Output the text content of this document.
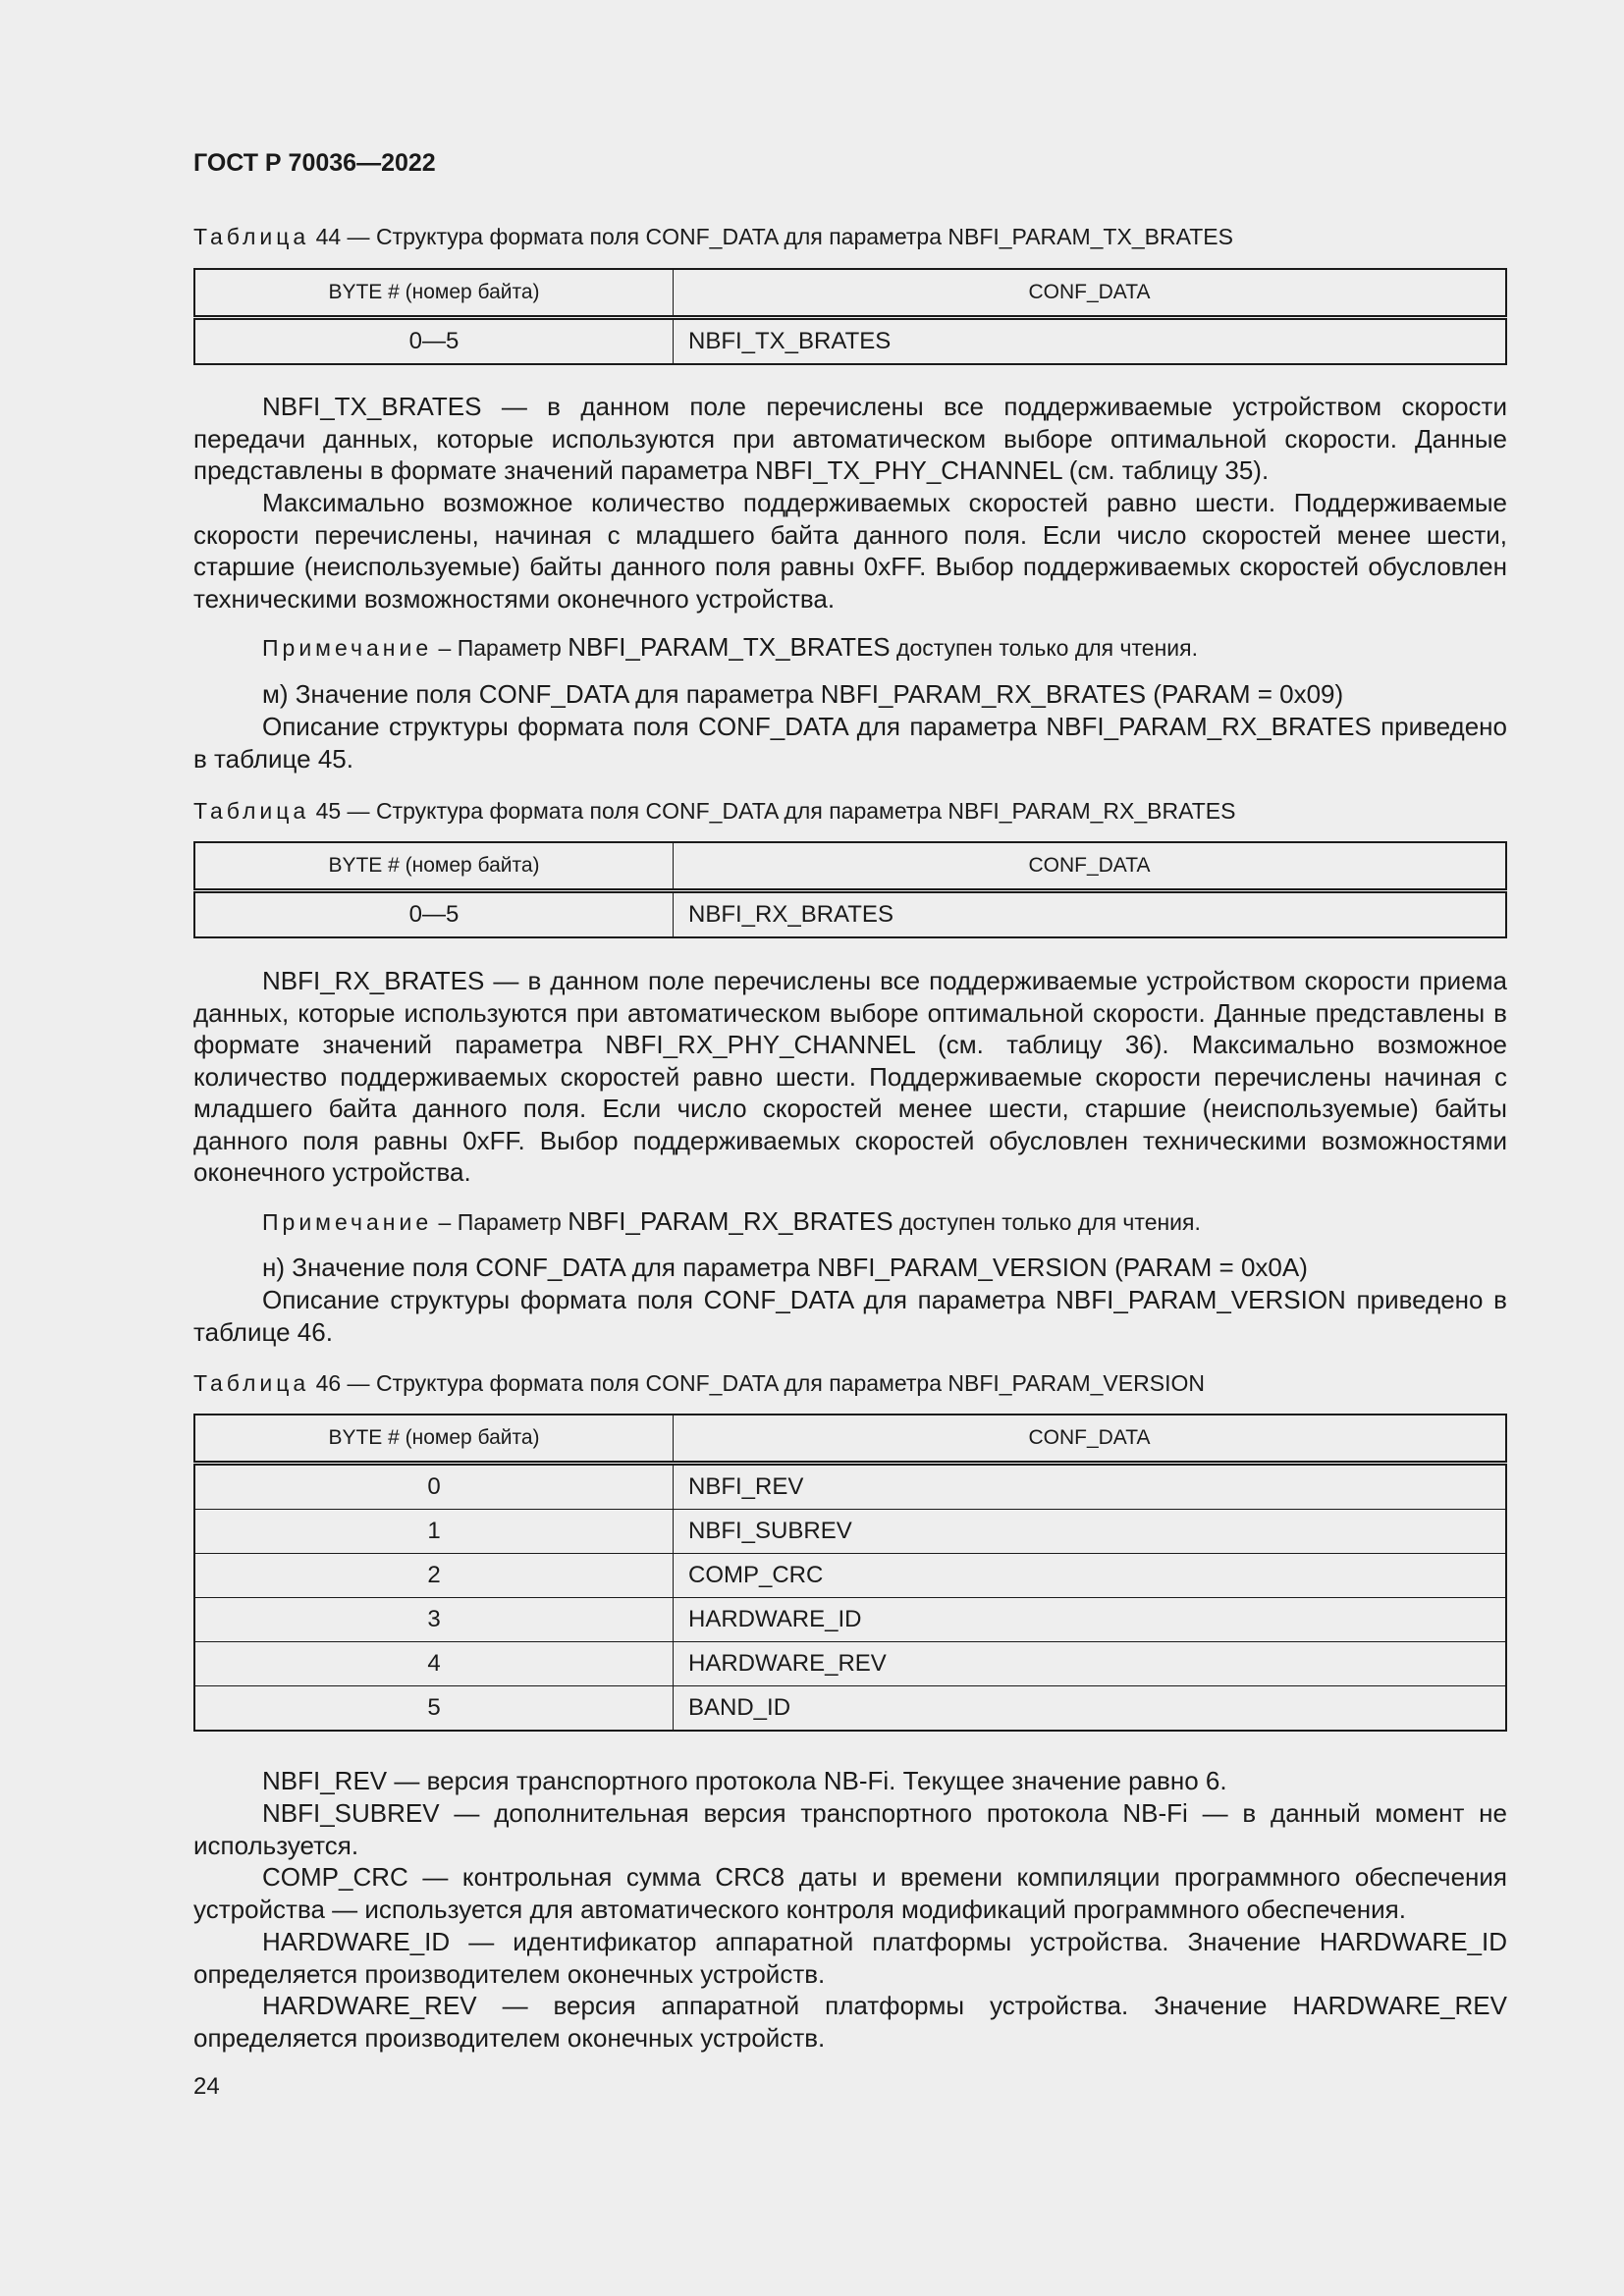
ГОСТ Р 70036—2022
Таблица 44 — Структура формата поля CONF_DATA для параметра NBFI_PARAM_TX_BRATES
BYTE # (номер байта)	CONF_DATA
0—5	NBFI_TX_BRATES

NBFI_TX_BRATES — в данном поле перечислены все поддерживаемые устройством скорости передачи данных, которые используются при автоматическом выборе оптимальной скорости. Данные представлены в формате значений параметра NBFI_TX_PHY_CHANNEL (см. таблицу 35).

Максимально возможное количество поддерживаемых скоростей равно шести. Поддерживаемые скорости перечислены, начиная с младшего байта данного поля. Если число скоростей менее шести, старшие (неиспользуемые) байты данного поля равны 0xFF. Выбор поддерживаемых скоростей обусловлен техническими возможностями оконечного устройства.

Примечание – Параметр NBFI_PARAM_TX_BRATES доступен только для чтения.

м) Значение поля CONF_DATA для параметра NBFI_PARAM_RX_BRATES (PARAM = 0x09)

Описание структуры формата поля CONF_DATA для параметра NBFI_PARAM_RX_BRATES приведено в таблице 45.

Таблица 45 — Структура формата поля CONF_DATA для параметра NBFI_PARAM_RX_BRATES
BYTE # (номер байта)	CONF_DATA
0—5	NBFI_RX_BRATES

NBFI_RX_BRATES — в данном поле перечислены все поддерживаемые устройством скорости приема данных, которые используются при автоматическом выборе оптимальной скорости. Данные представлены в формате значений параметра NBFI_RX_PHY_CHANNEL (см. таблицу 36). Максимально возможное количество поддерживаемых скоростей равно шести. Поддерживаемые скорости перечислены начиная с младшего байта данного поля. Если число скоростей менее шести, старшие (неиспользуемые) байты данного поля равны 0xFF. Выбор поддерживаемых скоростей обусловлен техническими возможностями оконечного устройства.

Примечание – Параметр NBFI_PARAM_RX_BRATES доступен только для чтения.

н) Значение поля CONF_DATA для параметра NBFI_PARAM_VERSION (PARAM = 0x0A)

Описание структуры формата поля CONF_DATA для параметра NBFI_PARAM_VERSION приведено в таблице 46.

Таблица 46 — Структура формата поля CONF_DATA для параметра NBFI_PARAM_VERSION
BYTE # (номер байта)	CONF_DATA
0	NBFI_REV
1	NBFI_SUBREV
2	COMP_CRC
3	HARDWARE_ID
4	HARDWARE_REV
5	BAND_ID

NBFI_REV — версия транспортного протокола NB-Fi. Текущее значение равно 6.

NBFI_SUBREV — дополнительная версия транспортного протокола NB-Fi — в данный момент не используется.

COMP_CRC — контрольная сумма CRC8 даты и времени компиляции программного обеспечения устройства — используется для автоматического контроля модификаций программного обеспечения.

HARDWARE_ID — идентификатор аппаратной платформы устройства. Значение HARDWARE_ID определяется производителем оконечных устройств.

HARDWARE_REV — версия аппаратной платформы устройства. Значение HARDWARE_REV определяется производителем оконечных устройств.

24
